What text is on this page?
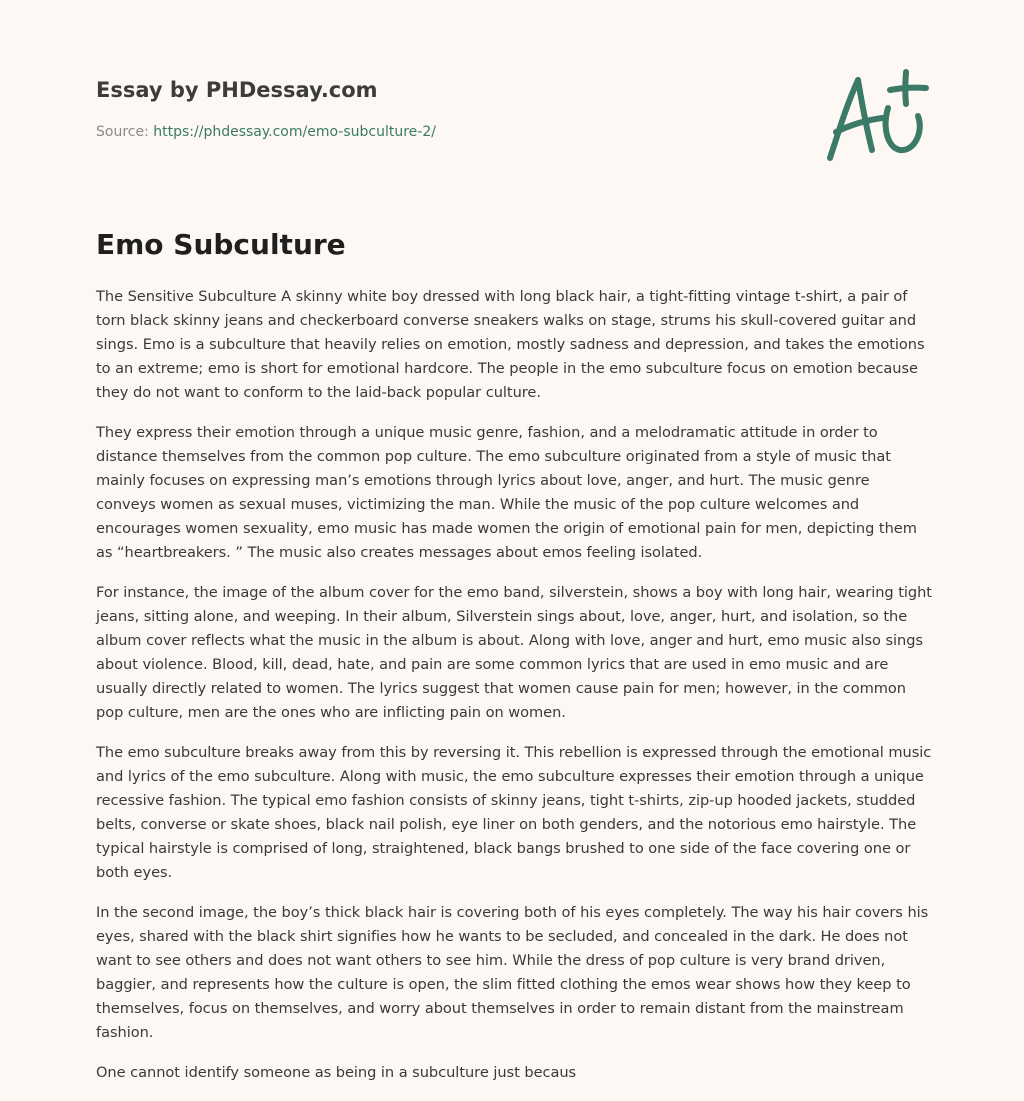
Essay by PHDessay.com
Source: https://phdessay.com/emo-subculture-2/
Emo Subculture

The Sensitive Subculture A skinny white boy dressed with long black hair, a tight-fitting vintage t-shirt, a pair of torn black skinny jeans and checkerboard converse sneakers walks on stage, strums his skull-covered guitar and sings. Emo is a subculture that heavily relies on emotion, mostly sadness and depression, and takes the emotions to an extreme; emo is short for emotional hardcore. The people in the emo subculture focus on emotion because they do not want to conform to the laid-back popular culture.

They express their emotion through a unique music genre, fashion, and a melodramatic attitude in order to distance themselves from the common pop culture. The emo subculture originated from a style of music that mainly focuses on expressing man’s emotions through lyrics about love, anger, and hurt. The music genre conveys women as sexual muses, victimizing the man. While the music of the pop culture welcomes and encourages women sexuality, emo music has made women the origin of emotional pain for men, depicting them as “heartbreakers. ” The music also creates messages about emos feeling isolated.

For instance, the image of the album cover for the emo band, silverstein, shows a boy with long hair, wearing tight jeans, sitting alone, and weeping. In their album, Silverstein sings about, love, anger, hurt, and isolation, so the album cover reflects what the music in the album is about. Along with love, anger and hurt, emo music also sings about violence. Blood, kill, dead, hate, and pain are some common lyrics that are used in emo music and are usually directly related to women. The lyrics suggest that women cause pain for men; however, in the common pop culture, men are the ones who are inflicting pain on women.

The emo subculture breaks away from this by reversing it. This rebellion is expressed through the emotional music and lyrics of the emo subculture. Along with music, the emo subculture expresses their emotion through a unique recessive fashion. The typical emo fashion consists of skinny jeans, tight t-shirts, zip-up hooded jackets, studded belts, converse or skate shoes, black nail polish, eye liner on both genders, and the notorious emo hairstyle. The typical hairstyle is comprised of long, straightened, black bangs brushed to one side of the face covering one or both eyes.

In the second image, the boy’s thick black hair is covering both of his eyes completely. The way his hair covers his eyes, shared with the black shirt signifies how he wants to be secluded, and concealed in the dark. He does not want to see others and does not want others to see him. While the dress of pop culture is very brand driven, baggier, and represents how the culture is open, the slim fitted clothing the emos wear shows how they keep to themselves, focus on themselves, and worry about themselves in order to remain distant from the mainstream fashion.

One cannot identify someone as being in a subculture just becaus
